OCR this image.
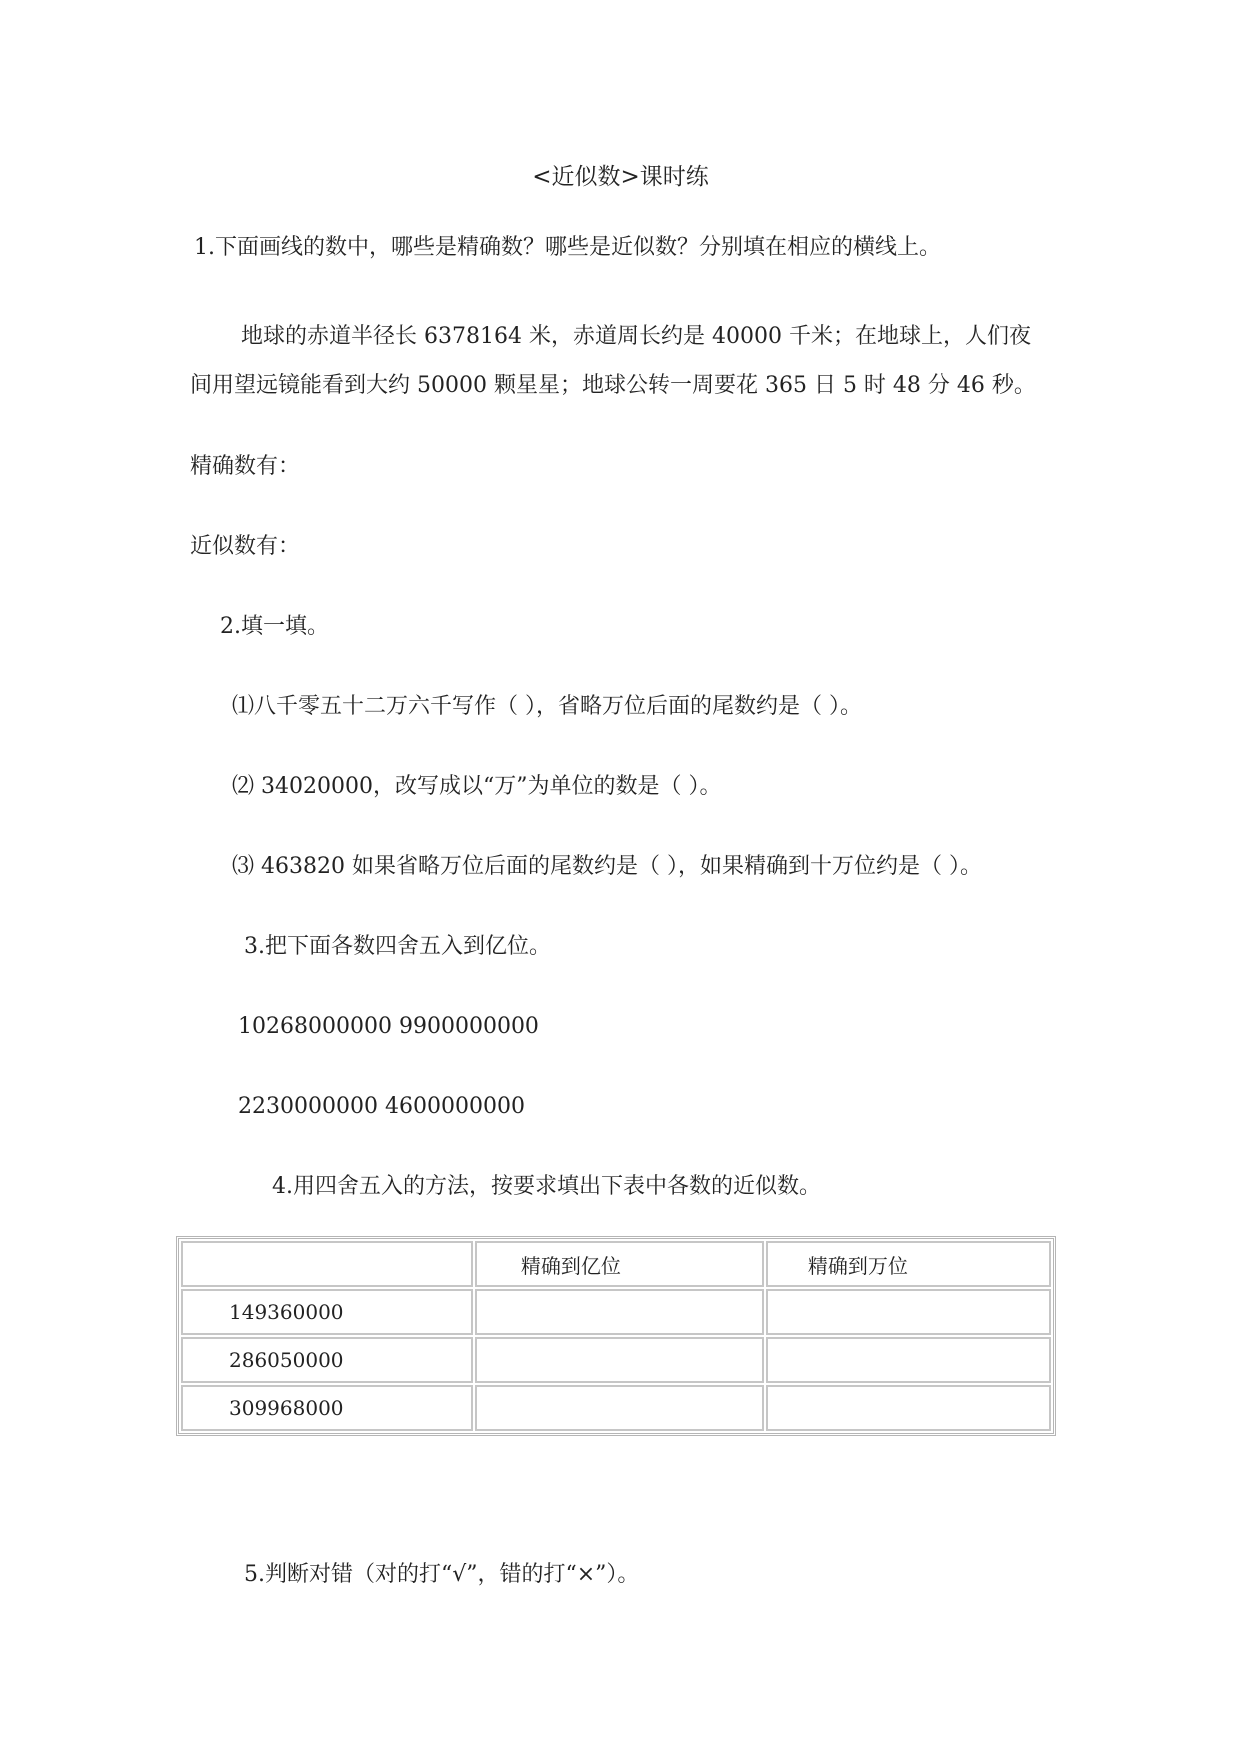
<近似数>课时练
1.下面画线的数中，哪些是精确数？哪些是近似数？分别填在相应的横线上。
地球的赤道半径长 6378164 米，赤道周长约是 40000 千米；在地球上，人们夜
间用望远镜能看到大约 50000 颗星星；地球公转一周要花 365 日 5 时 48 分 46 秒。
精确数有：
近似数有：
2.填一填。
⑴八千零五十二万六千写作（ ），省略万位后面的尾数约是（ ）。
⑵ 34020000，改写成以“万”为单位的数是（ ）。
⑶ 463820 如果省略万位后面的尾数约是（ ），如果精确到十万位约是（ ）。
3.把下面各数四舍五入到亿位。
10268000000 9900000000
2230000000 4600000000
4.用四舍五入的方法，按要求填出下表中各数的近似数。
	精确到亿位	精确到万位
149360000		
286050000		
309968000		
5.判断对错（对的打“√”，错的打“×”）。
